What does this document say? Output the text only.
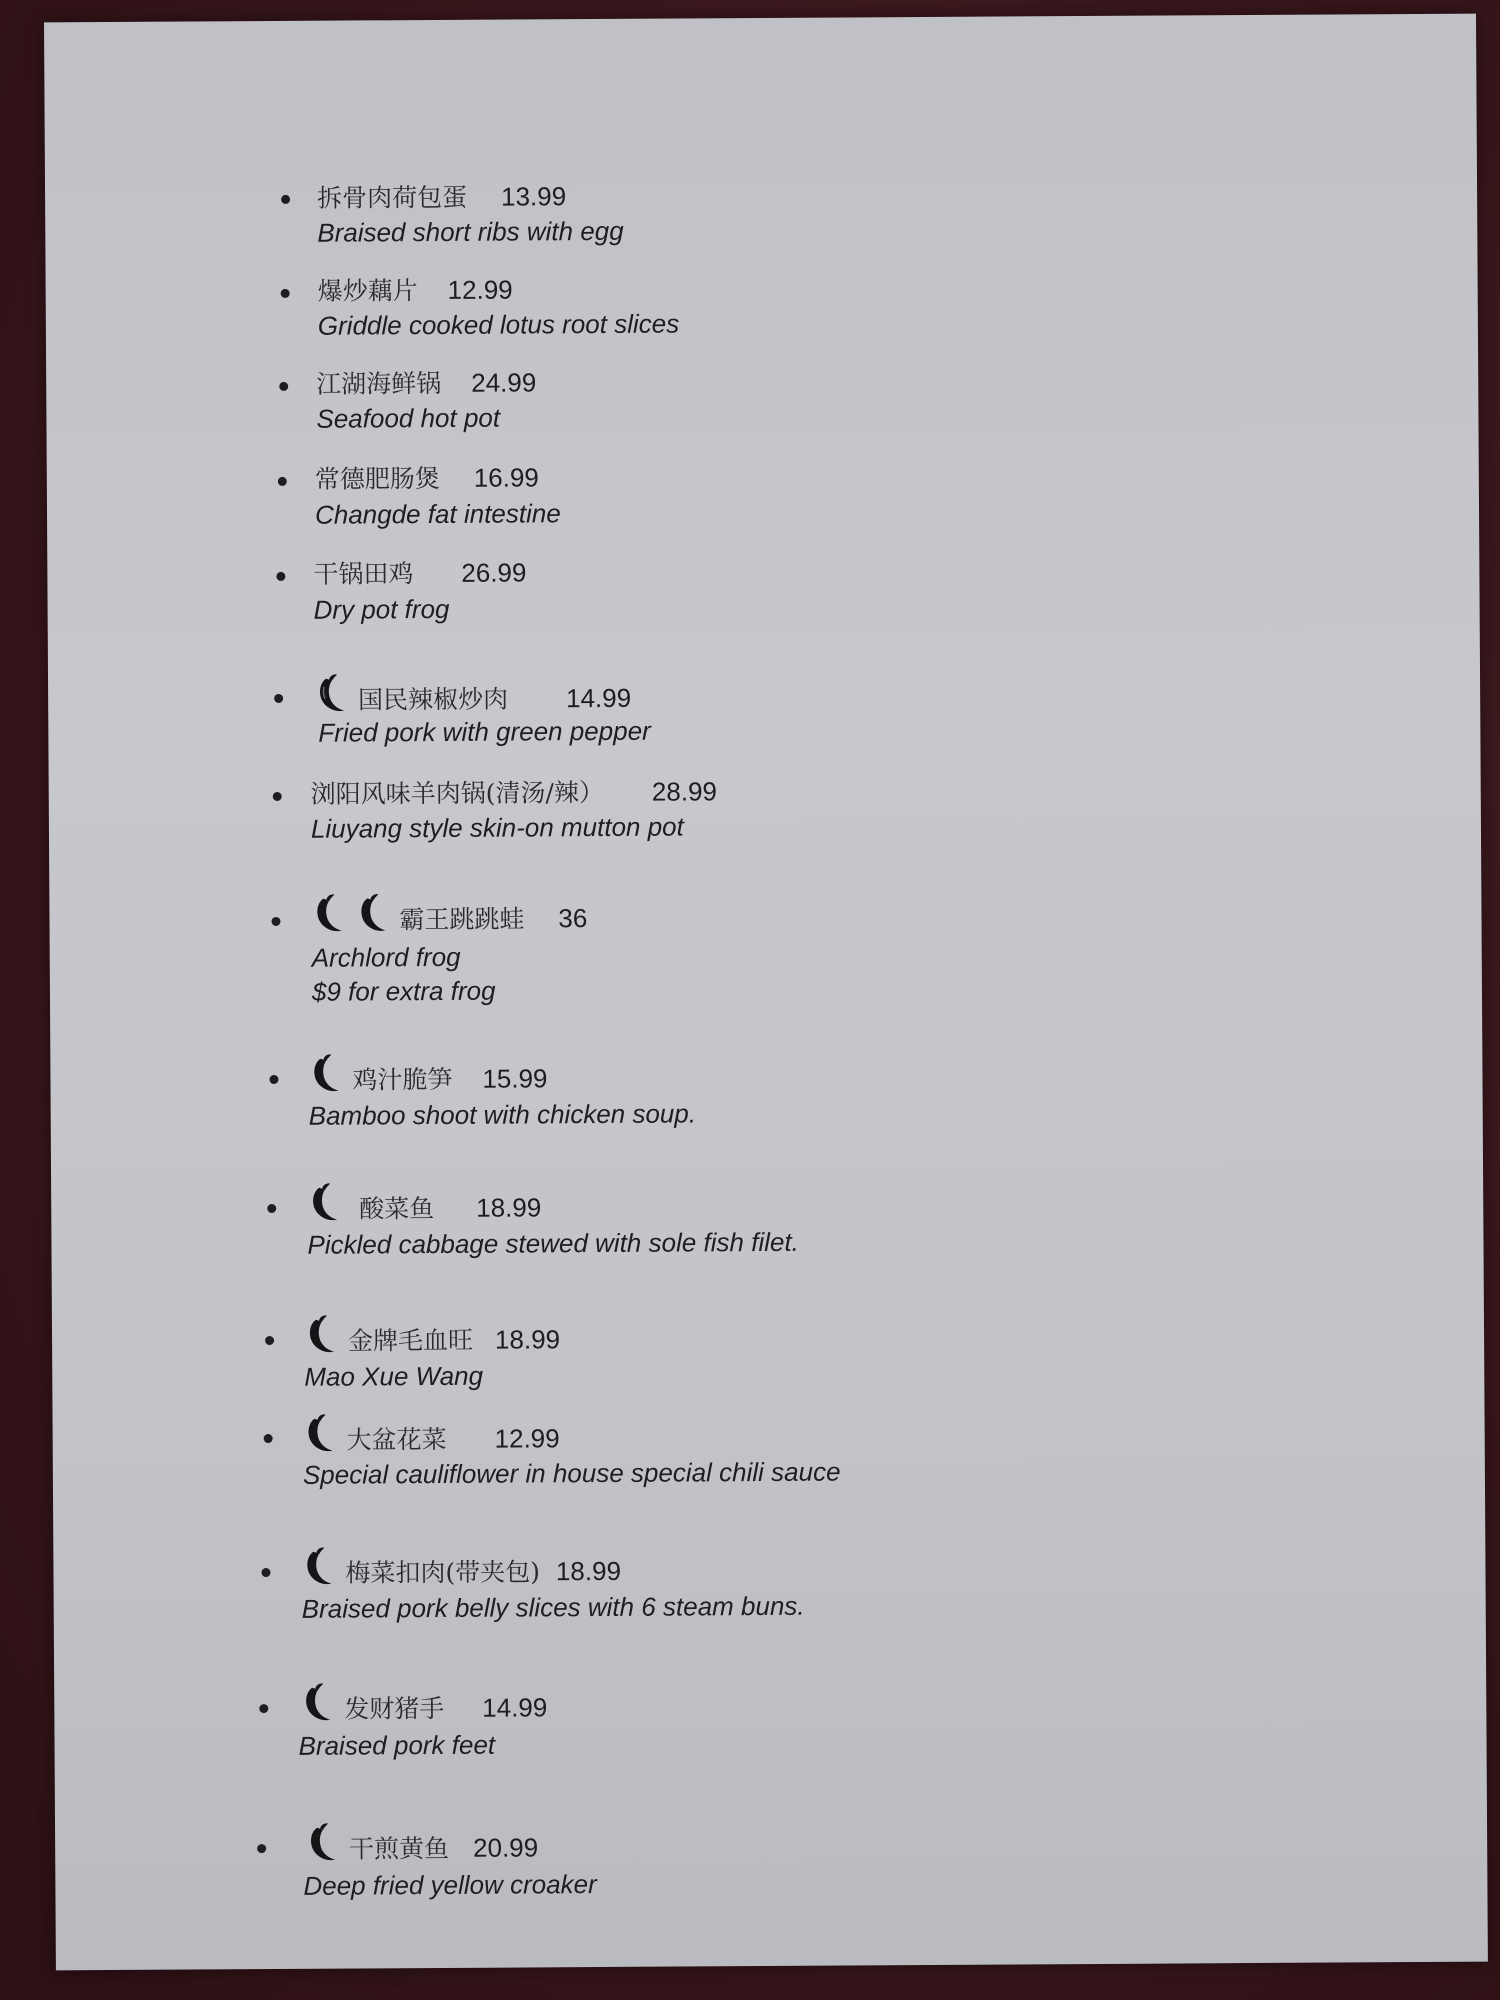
拆骨肉荷包蛋 13.99
Braised short ribs with egg
爆炒藕片 12.99
Griddle cooked lotus root slices
江湖海鲜锅 24.99
Seafood hot pot
常德肥肠煲 16.99
Changde fat intestine
干锅田鸡 26.99
Dry pot frog
国民辣椒炒肉 14.99
Fried pork with green pepper
浏阳风味羊肉锅(清汤/辣） 28.99
Liuyang style skin-on mutton pot
霸王跳跳蛙 36
Archlord frog
$9 for extra frog
鸡汁脆笋 15.99
Bamboo shoot with chicken soup.
酸菜鱼 18.99
Pickled cabbage stewed with sole fish filet.
金牌毛血旺 18.99
Mao Xue Wang
大盆花菜 12.99
Special cauliflower in house special chili sauce
梅菜扣肉(带夹包) 18.99
Braised pork belly slices with 6 steam buns.
发财猪手 14.99
Braised pork feet
干煎黄鱼 20.99
Deep fried yellow croaker
